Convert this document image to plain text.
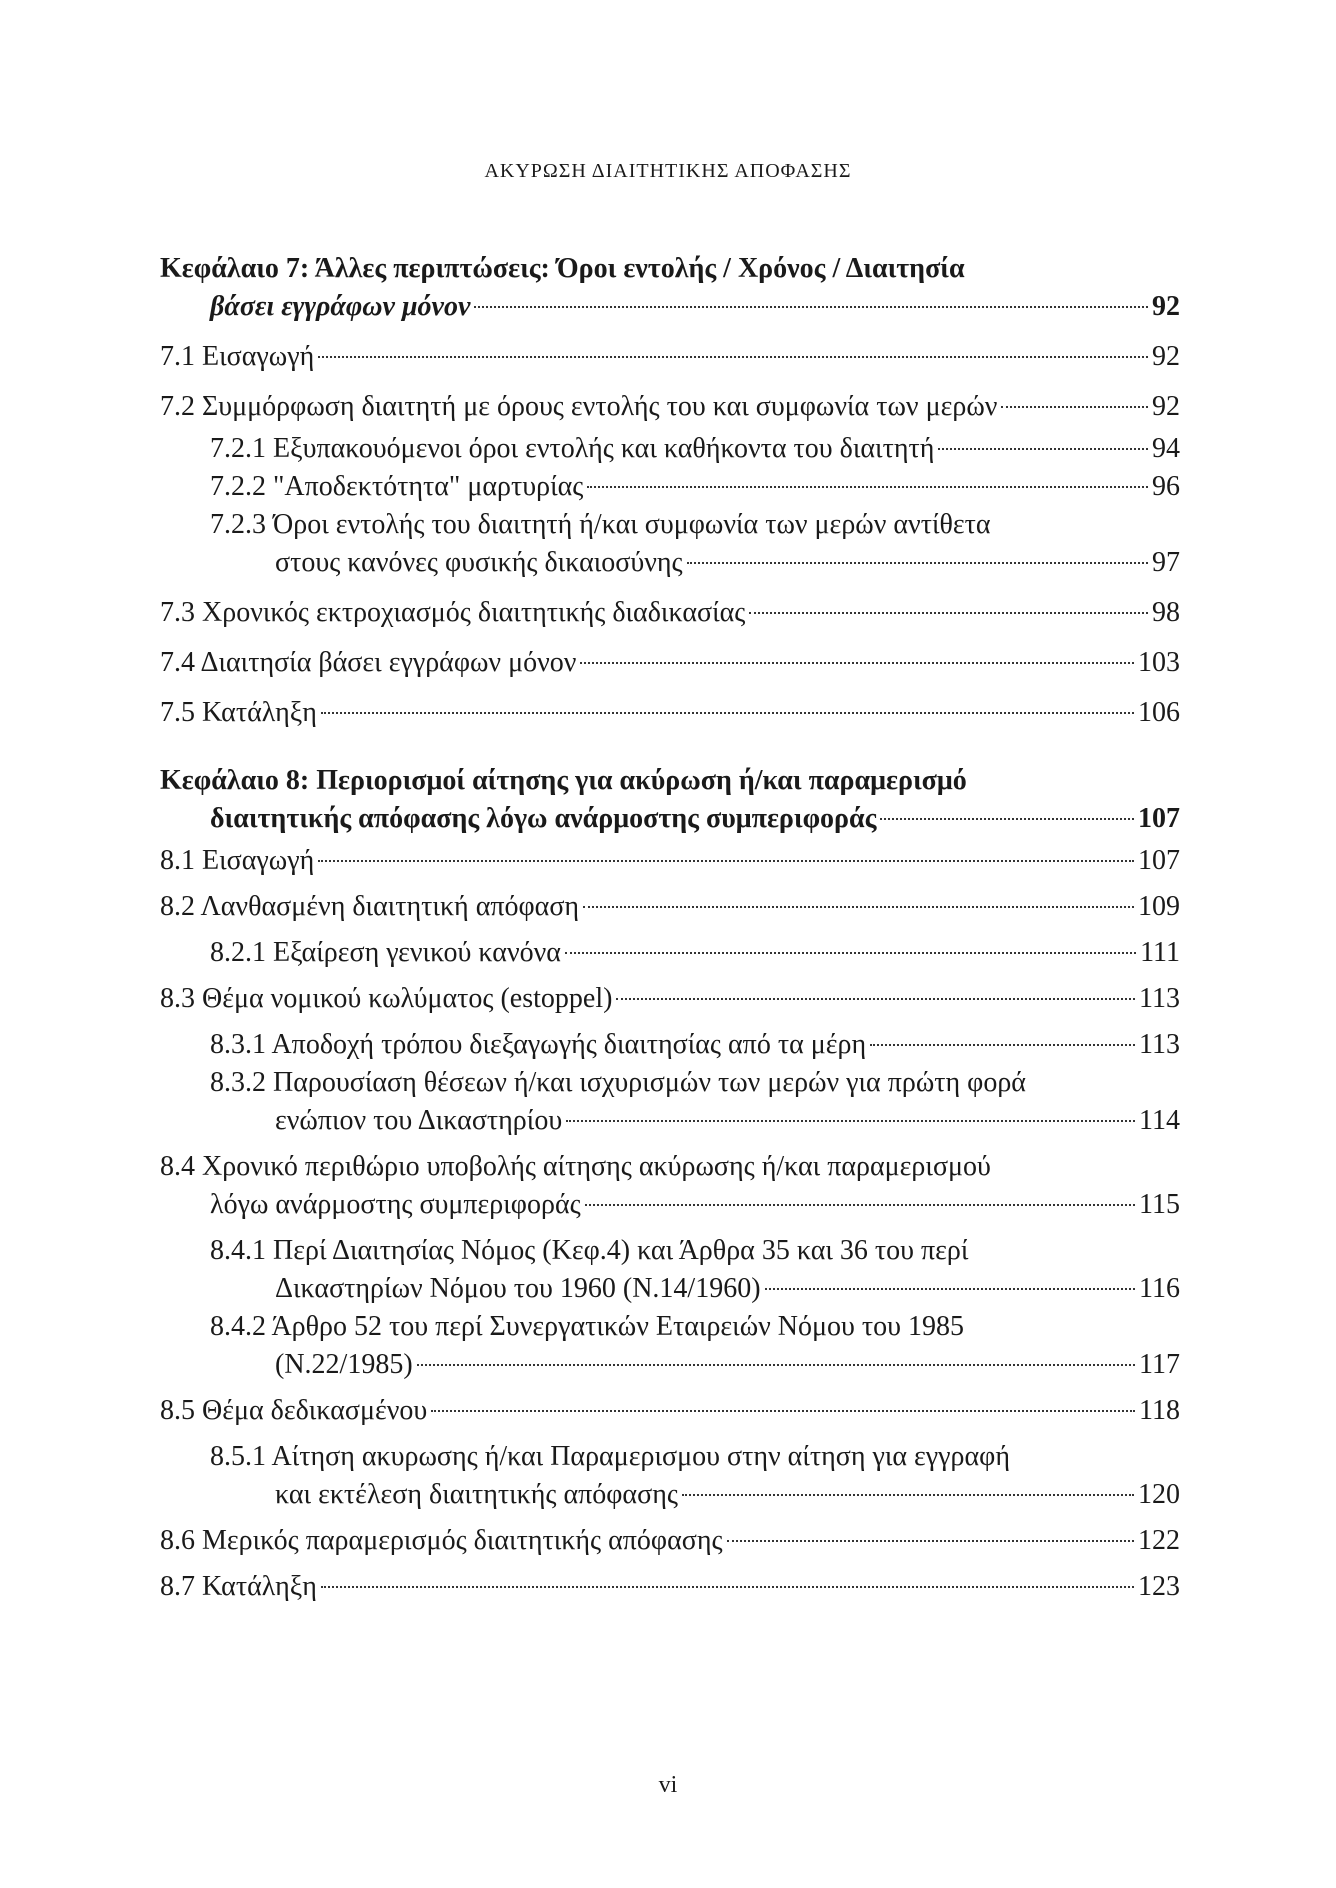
ΑΚΥΡΩΣΗ ΔΙΑΙΤΗΤΙΚΗΣ ΑΠΟΦΑΣΗΣ
Κεφάλαιο 7: Άλλες περιπτώσεις: Όροι εντολής / Χρόνος / Διαιτησία
βάσει εγγράφων μόνον	92
7.1 Εισαγωγή	92
7.2 Συμμόρφωση διαιτητή με όρους εντολής του και συμφωνία των μερών	92
7.2.1 Εξυπακουόμενοι όροι εντολής και καθήκοντα του διαιτητή	94
7.2.2 "Αποδεκτότητα" μαρτυρίας	96
7.2.3 Όροι εντολής του διαιτητή ή/και συμφωνία των μερών αντίθετα
στους κανόνες φυσικής δικαιοσύνης	97
7.3 Χρονικός εκτροχιασμός διαιτητικής διαδικασίας	98
7.4 Διαιτησία βάσει εγγράφων μόνον	103
7.5 Κατάληξη	106
Κεφάλαιο 8: Περιορισμοί αίτησης για ακύρωση ή/και παραμερισμό
διαιτητικής απόφασης λόγω ανάρμοστης συμπεριφοράς	107
8.1 Εισαγωγή	107
8.2 Λανθασμένη διαιτητική απόφαση	109
8.2.1 Εξαίρεση γενικού κανόνα	111
8.3 Θέμα νομικού κωλύματος (estoppel)	113
8.3.1 Αποδοχή τρόπου διεξαγωγής διαιτησίας από τα μέρη	113
8.3.2 Παρουσίαση θέσεων ή/και ισχυρισμών των μερών για πρώτη φορά
ενώπιον του Δικαστηρίου	114
8.4 Χρονικό περιθώριο υποβολής αίτησης ακύρωσης ή/και παραμερισμού
λόγω ανάρμοστης συμπεριφοράς	115
8.4.1 Περί Διαιτησίας Νόμος (Κεφ.4) και Άρθρα 35 και 36 του περί
Δικαστηρίων Νόμου του 1960 (Ν.14/1960)	116
8.4.2 Άρθρο 52 του περί Συνεργατικών Εταιρειών Νόμου του 1985
(Ν.22/1985)	117
8.5 Θέμα δεδικασμένου	118
8.5.1 Αίτηση ακυρωσης ή/και Παραμερισμου στην αίτηση για εγγραφή
και εκτέλεση διαιτητικής απόφασης	120
8.6 Μερικός παραμερισμός διαιτητικής απόφασης	122
8.7 Κατάληξη	123
vi
